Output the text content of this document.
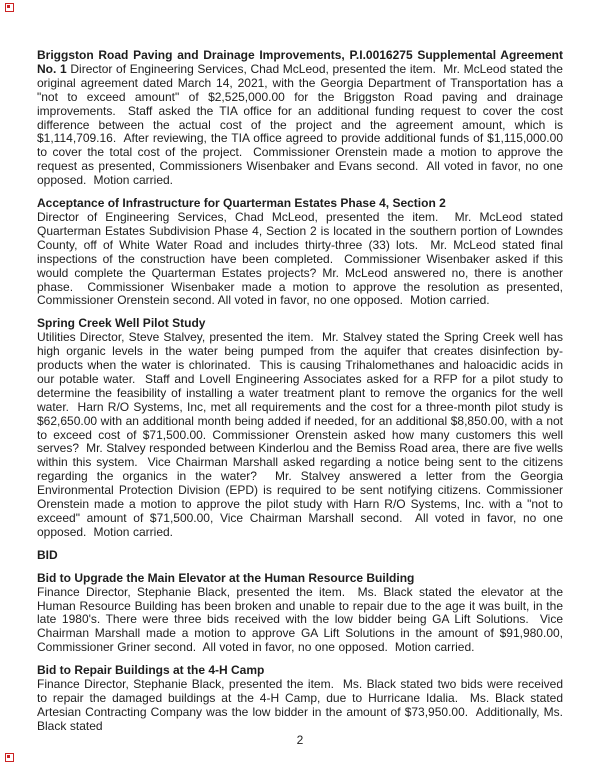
Briggston Road Paving and Drainage Improvements, P.I.0016275 Supplemental Agreement No. 1 Director of Engineering Services, Chad McLeod, presented the item.  Mr. McLeod stated the original agreement dated March 14, 2021, with the Georgia Department of Transportation has a "not to exceed amount" of $2,525,000.00 for the Briggston Road paving and drainage improvements.  Staff asked the TIA office for an additional funding request to cover the cost difference between the actual cost of the project and the agreement amount, which is $1,114,709.16.  After reviewing, the TIA office agreed to provide additional funds of $1,115,000.00 to cover the total cost of the project.  Commissioner Orenstein made a motion to approve the request as presented, Commissioners Wisenbaker and Evans second.  All voted in favor, no one opposed.  Motion carried.

Acceptance of Infrastructure for Quarterman Estates Phase 4, Section 2

Director of Engineering Services, Chad McLeod, presented the item.  Mr. McLeod stated Quarterman Estates Subdivision Phase 4, Section 2 is located in the southern portion of Lowndes County, off of White Water Road and includes thirty-three (33) lots.  Mr. McLeod stated final inspections of the construction have been completed.  Commissioner Wisenbaker asked if this would complete the Quarterman Estates projects? Mr. McLeod answered no, there is another phase.  Commissioner Wisenbaker made a motion to approve the resolution as presented, Commissioner Orenstein second. All voted in favor, no one opposed.  Motion carried.

Spring Creek Well Pilot Study

Utilities Director, Steve Stalvey, presented the item.  Mr. Stalvey stated the Spring Creek well has high organic levels in the water being pumped from the aquifer that creates disinfection by-products when the water is chlorinated.  This is causing Trihalomethanes and haloacidic acids in our potable water.  Staff and Lovell Engineering Associates asked for a RFP for a pilot study to determine the feasibility of installing a water treatment plant to remove the organics for the well water.  Harn R/O Systems, Inc, met all requirements and the cost for a three-month pilot study is $62,650.00 with an additional month being added if needed, for an additional $8,850.00, with a not to exceed cost of $71,500.00. Commissioner Orenstein asked how many customers this well serves?  Mr. Stalvey responded between Kinderlou and the Bemiss Road area, there are five wells within this system.  Vice Chairman Marshall asked regarding a notice being sent to the citizens regarding the organics in the water?  Mr. Stalvey answered a letter from the Georgia Environmental Protection Division (EPD) is required to be sent notifying citizens. Commissioner Orenstein made a motion to approve the pilot study with Harn R/O Systems, Inc. with a "not to exceed" amount of $71,500.00, Vice Chairman Marshall second.  All voted in favor, no one opposed.  Motion carried.

BID
Bid to Upgrade the Main Elevator at the Human Resource Building

Finance Director, Stephanie Black, presented the item.  Ms. Black stated the elevator at the Human Resource Building has been broken and unable to repair due to the age it was built, in the late 1980's. There were three bids received with the low bidder being GA Lift Solutions.  Vice Chairman Marshall made a motion to approve GA Lift Solutions in the amount of $91,980.00, Commissioner Griner second.  All voted in favor, no one opposed.  Motion carried.

Bid to Repair Buildings at the 4-H Camp

Finance Director, Stephanie Black, presented the item.  Ms. Black stated two bids were received to repair the damaged buildings at the 4-H Camp, due to Hurricane Idalia.  Ms. Black stated Artesian Contracting Company was the low bidder in the amount of $73,950.00.  Additionally, Ms. Black stated

2
